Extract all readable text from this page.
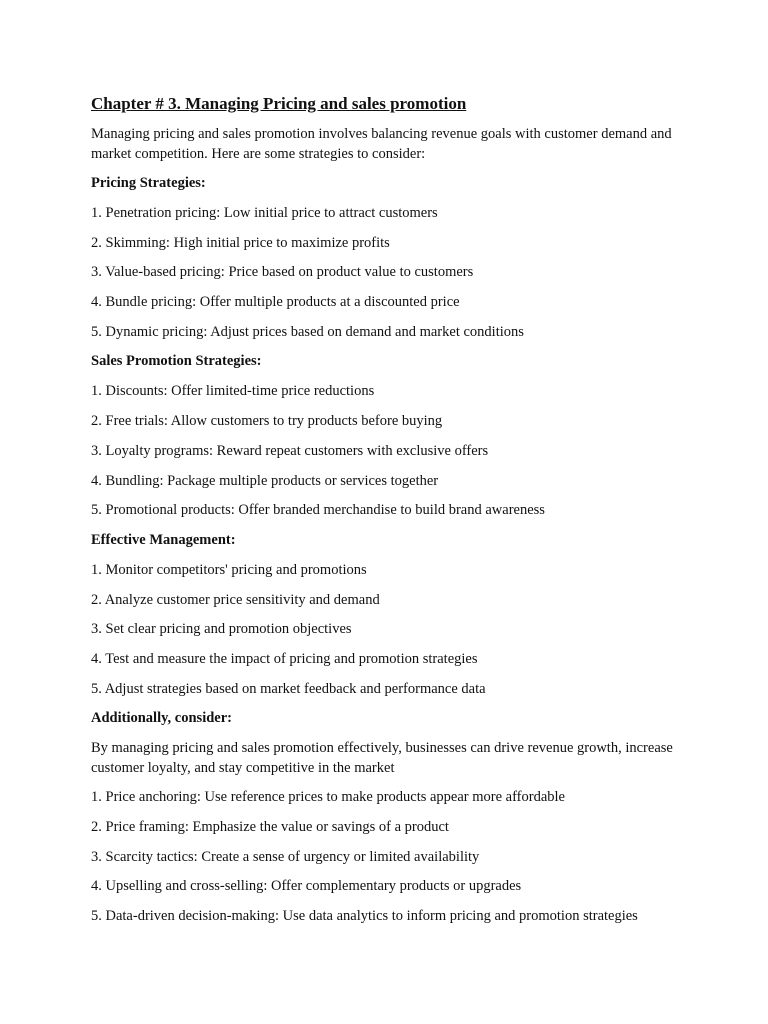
Chapter # 3. Managing Pricing and sales promotion
Managing pricing and sales promotion involves balancing revenue goals with customer demand and market competition. Here are some strategies to consider:
Pricing Strategies:
1. Penetration pricing: Low initial price to attract customers
2. Skimming: High initial price to maximize profits
3. Value-based pricing: Price based on product value to customers
4. Bundle pricing: Offer multiple products at a discounted price
5. Dynamic pricing: Adjust prices based on demand and market conditions
Sales Promotion Strategies:
1. Discounts: Offer limited-time price reductions
2. Free trials: Allow customers to try products before buying
3. Loyalty programs: Reward repeat customers with exclusive offers
4. Bundling: Package multiple products or services together
5. Promotional products: Offer branded merchandise to build brand awareness
Effective Management:
1. Monitor competitors' pricing and promotions
2. Analyze customer price sensitivity and demand
3. Set clear pricing and promotion objectives
4. Test and measure the impact of pricing and promotion strategies
5. Adjust strategies based on market feedback and performance data
Additionally, consider:
By managing pricing and sales promotion effectively, businesses can drive revenue growth, increase customer loyalty, and stay competitive in the market
1. Price anchoring: Use reference prices to make products appear more affordable
2. Price framing: Emphasize the value or savings of a product
3. Scarcity tactics: Create a sense of urgency or limited availability
4. Upselling and cross-selling: Offer complementary products or upgrades
5. Data-driven decision-making: Use data analytics to inform pricing and promotion strategies
